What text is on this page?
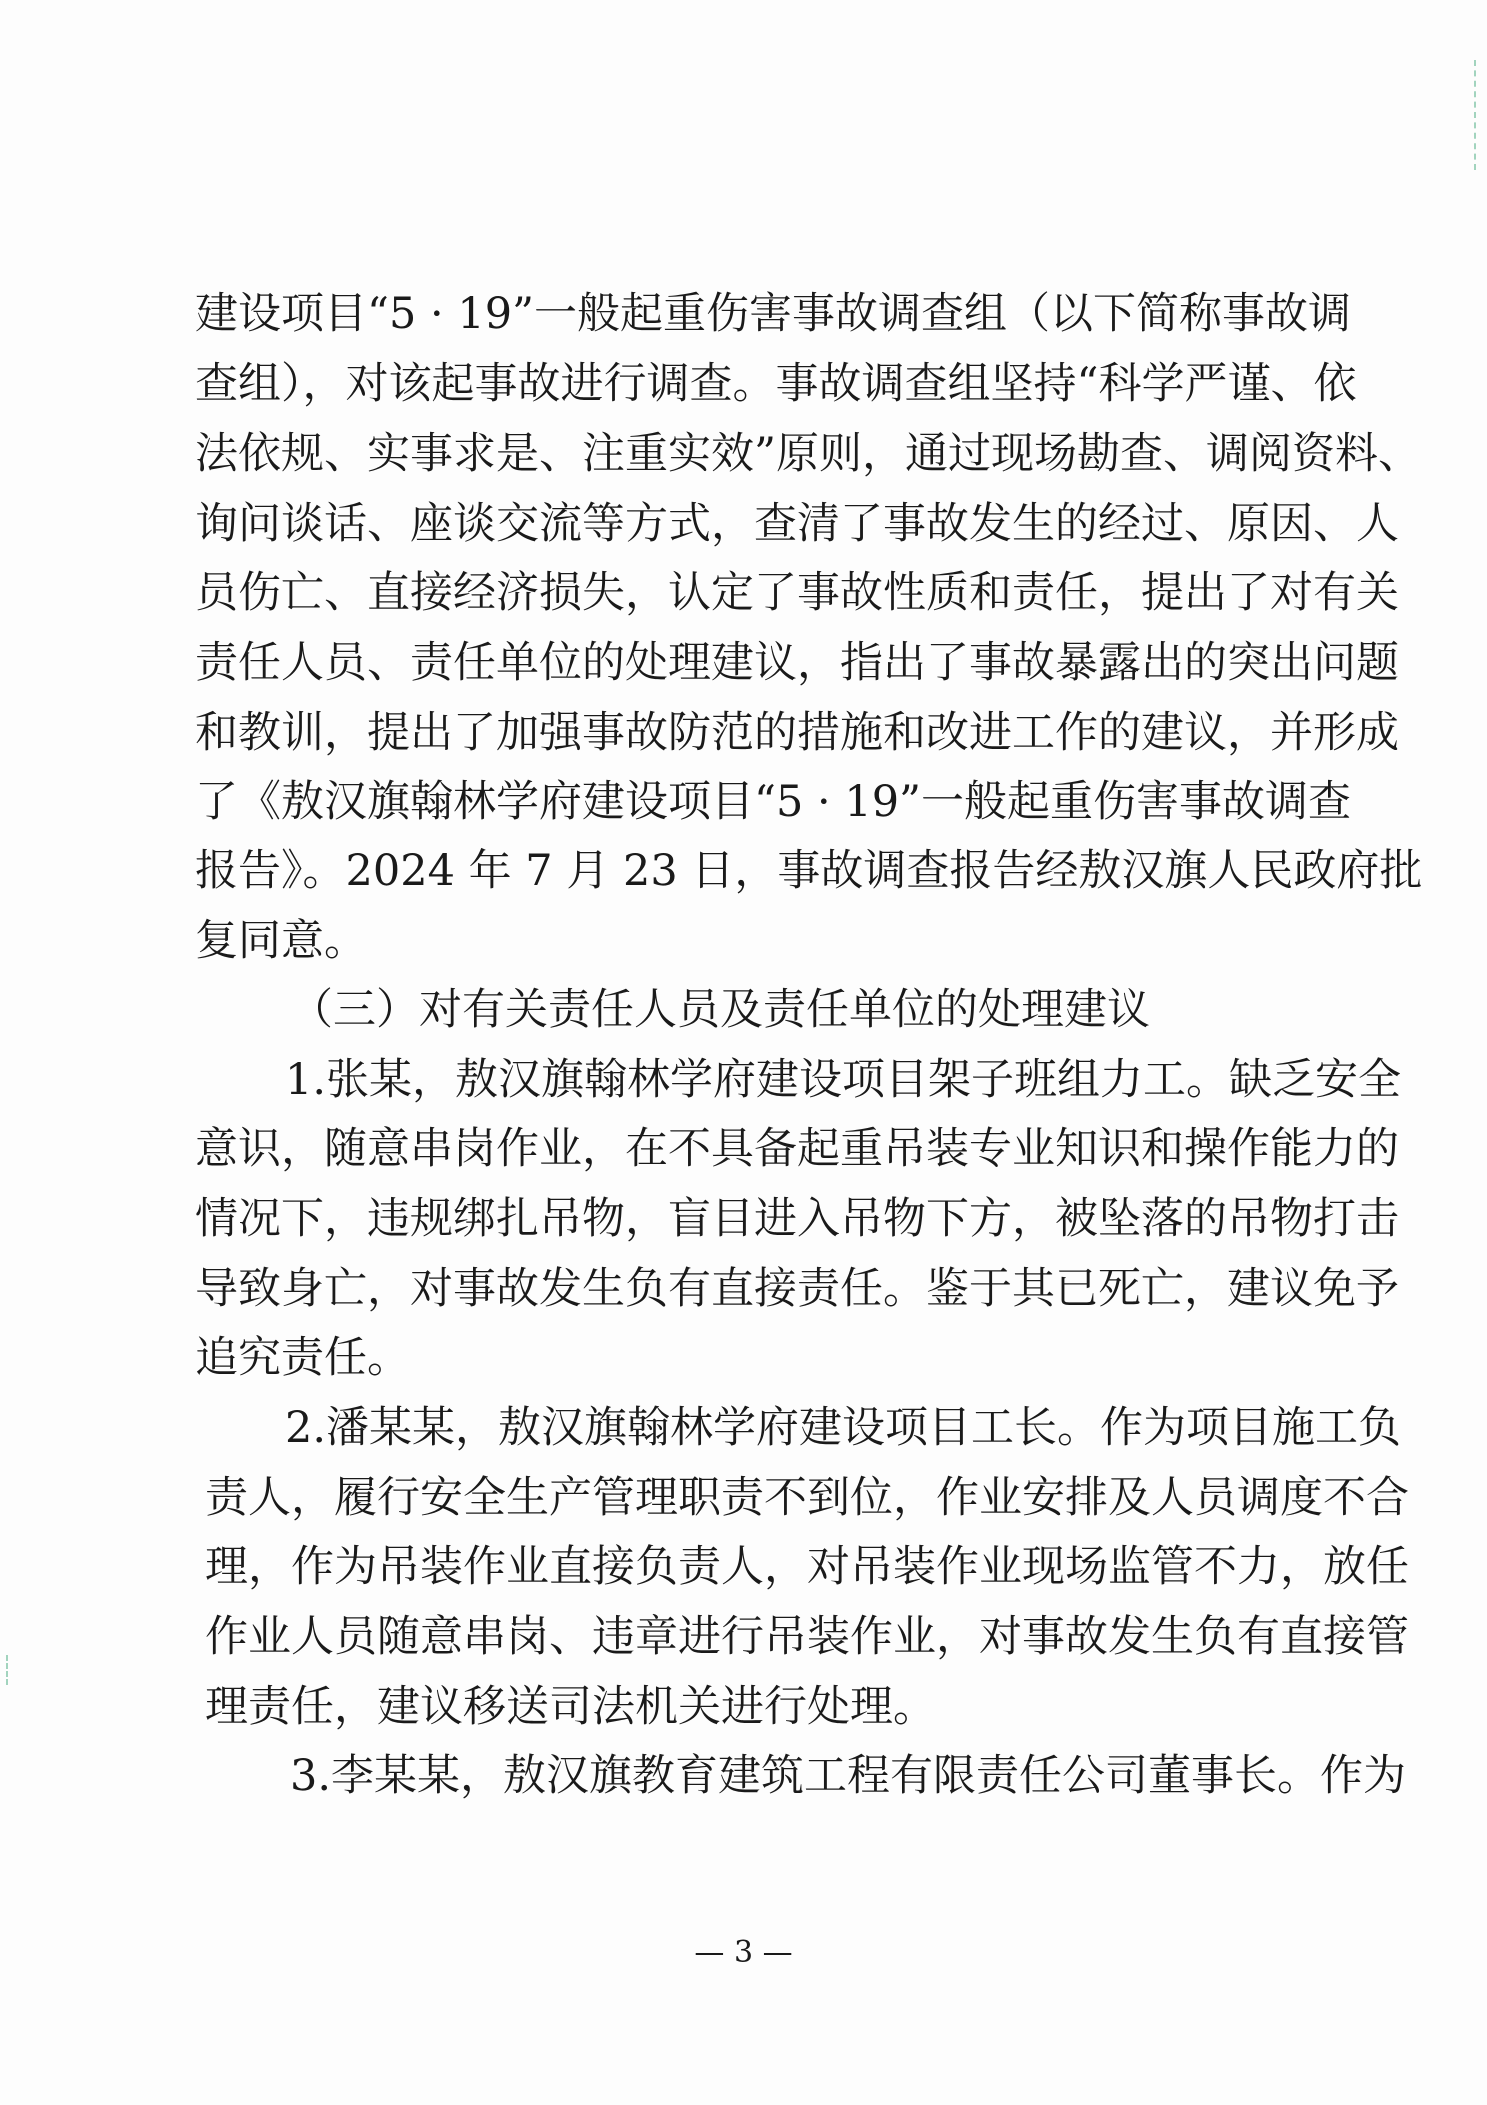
建设项目“5 · 19”一般起重伤害事故调查组（以下简称事故调
查组），对该起事故进行调查。事故调查组坚持“科学严谨、依
法依规、实事求是、注重实效”原则，通过现场勘查、调阅资料、
询问谈话、座谈交流等方式，查清了事故发生的经过、原因、人
员伤亡、直接经济损失，认定了事故性质和责任，提出了对有关
责任人员、责任单位的处理建议，指出了事故暴露出的突出问题
和教训，提出了加强事故防范的措施和改进工作的建议，并形成
了《敖汉旗翰林学府建设项目“5 · 19”一般起重伤害事故调查
报告》。2024 年 7 月 23 日，事故调查报告经敖汉旗人民政府批
复同意。
（三）对有关责任人员及责任单位的处理建议
1.张某，敖汉旗翰林学府建设项目架子班组力工。缺乏安全
意识，随意串岗作业，在不具备起重吊装专业知识和操作能力的
情况下，违规绑扎吊物，盲目进入吊物下方，被坠落的吊物打击
导致身亡，对事故发生负有直接责任。鉴于其已死亡，建议免予
追究责任。
2.潘某某，敖汉旗翰林学府建设项目工长。作为项目施工负
责人，履行安全生产管理职责不到位，作业安排及人员调度不合
理，作为吊装作业直接负责人，对吊装作业现场监管不力，放任
作业人员随意串岗、违章进行吊装作业，对事故发生负有直接管
理责任，建议移送司法机关进行处理。
3.李某某，敖汉旗教育建筑工程有限责任公司董事长。作为
— 3 —
